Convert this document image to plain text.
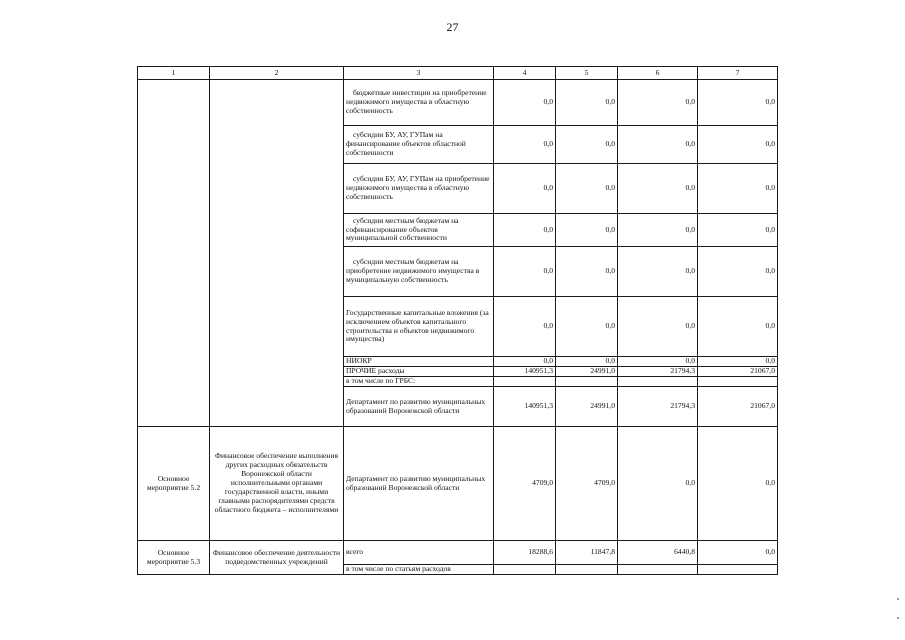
27
1	2	3	4	5	6	7
		бюджетные инвестиции на приобретение недвижимого имущества в областную собственность	0,0	0,0	0,0	0,0
		субсидии БУ, АУ, ГУПам на финансирование объектов областной собственности	0,0	0,0	0,0	0,0
		субсидии БУ, АУ, ГУПам на приобретение недвижимого имущества в областную собственность	0,0	0,0	0,0	0,0
		субсидии местным бюджетам на софинансирование объектов муниципальной собственности	0,0	0,0	0,0	0,0
		субсидии местным бюджетам на приобретение недвижимого имущества в муниципальную собственность	0,0	0,0	0,0	0,0
		Государственные капитальные вложения (за исключением объектов капитального строительства и объектов недвижимого имущества)	0,0	0,0	0,0	0,0
		НИОКР	0,0	0,0	0,0	0,0
		ПРОЧИЕ расходы	140951,3	24991,0	21794,3	21067,0
		в том числе по ГРБС:				
		Департамент по развитию муниципальных образований Воронежской области	140951,3	24991,0	21794,3	21067,0
Основное мероприятие 5.2	Финансовое обеспечение выполнения других расходных обязательств Воронежской области исполнительными органами государственной власти, иными главными распорядителями средств областного бюджета – исполнителями	Департамент по развитию муниципальных образований Воронежской области	4709,0	4709,0	0,0	0,0
Основное мероприятие 5.3	Финансовое обеспечение деятельности подведомственных учреждений	всего	18288,6	11847,8	6440,8	0,0
		в том числе по статьям расходов				
